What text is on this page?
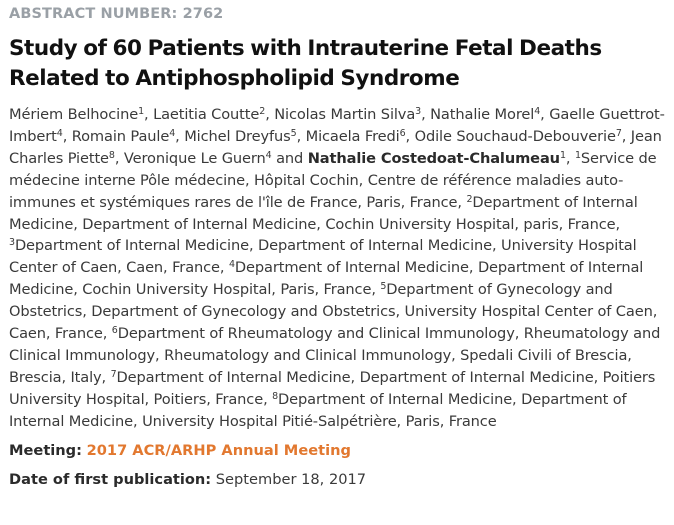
ABSTRACT NUMBER: 2762

Study of 60 Patients with Intrauterine Fetal Deaths Related to Antiphospholipid Syndrome

Mériem Belhocine$^1$, Laetitia Coutte$^2$, Nicolas Martin Silva$^3$, Nathalie Morel$^4$, Gaelle Guettrot-Imbert$^4$, Romain Paule$^4$, Michel Dreyfus$^5$, Micaela Fredi$^6$, Odile Souchaud-Debouverie$^7$, Jean Charles Piette$^8$, Veronique Le Guern$^4$ and Nathalie Costedoat-Chalumeau$^1$, $^1$Service de médecine interne Pôle médecine, Hôpital Cochin, Centre de référence maladies auto-immunes et systémiques rares de l'île de France, Paris, France, $^2$Department of Internal Medicine, Department of Internal Medicine, Cochin University Hospital, paris, France, $^3$Department of Internal Medicine, Department of Internal Medicine, University Hospital Center of Caen, Caen, France, $^4$Department of Internal Medicine, Department of Internal Medicine, Cochin University Hospital, Paris, France, $^5$Department of Gynecology and Obstetrics, Department of Gynecology and Obstetrics, University Hospital Center of Caen, Caen, France, $^6$Department of Rheumatology and Clinical Immunology, Rheumatology and Clinical Immunology, Rheumatology and Clinical Immunology, Spedali Civili of Brescia, Brescia, Italy, $^7$Department of Internal Medicine, Department of Internal Medicine, Poitiers University Hospital, Poitiers, France, $^8$Department of Internal Medicine, Department of Internal Medicine, University Hospital Pitié-Salpétrière, Paris, France

Meeting: 2017 ACR/ARHP Annual Meeting

Date of first publication: September 18, 2017
